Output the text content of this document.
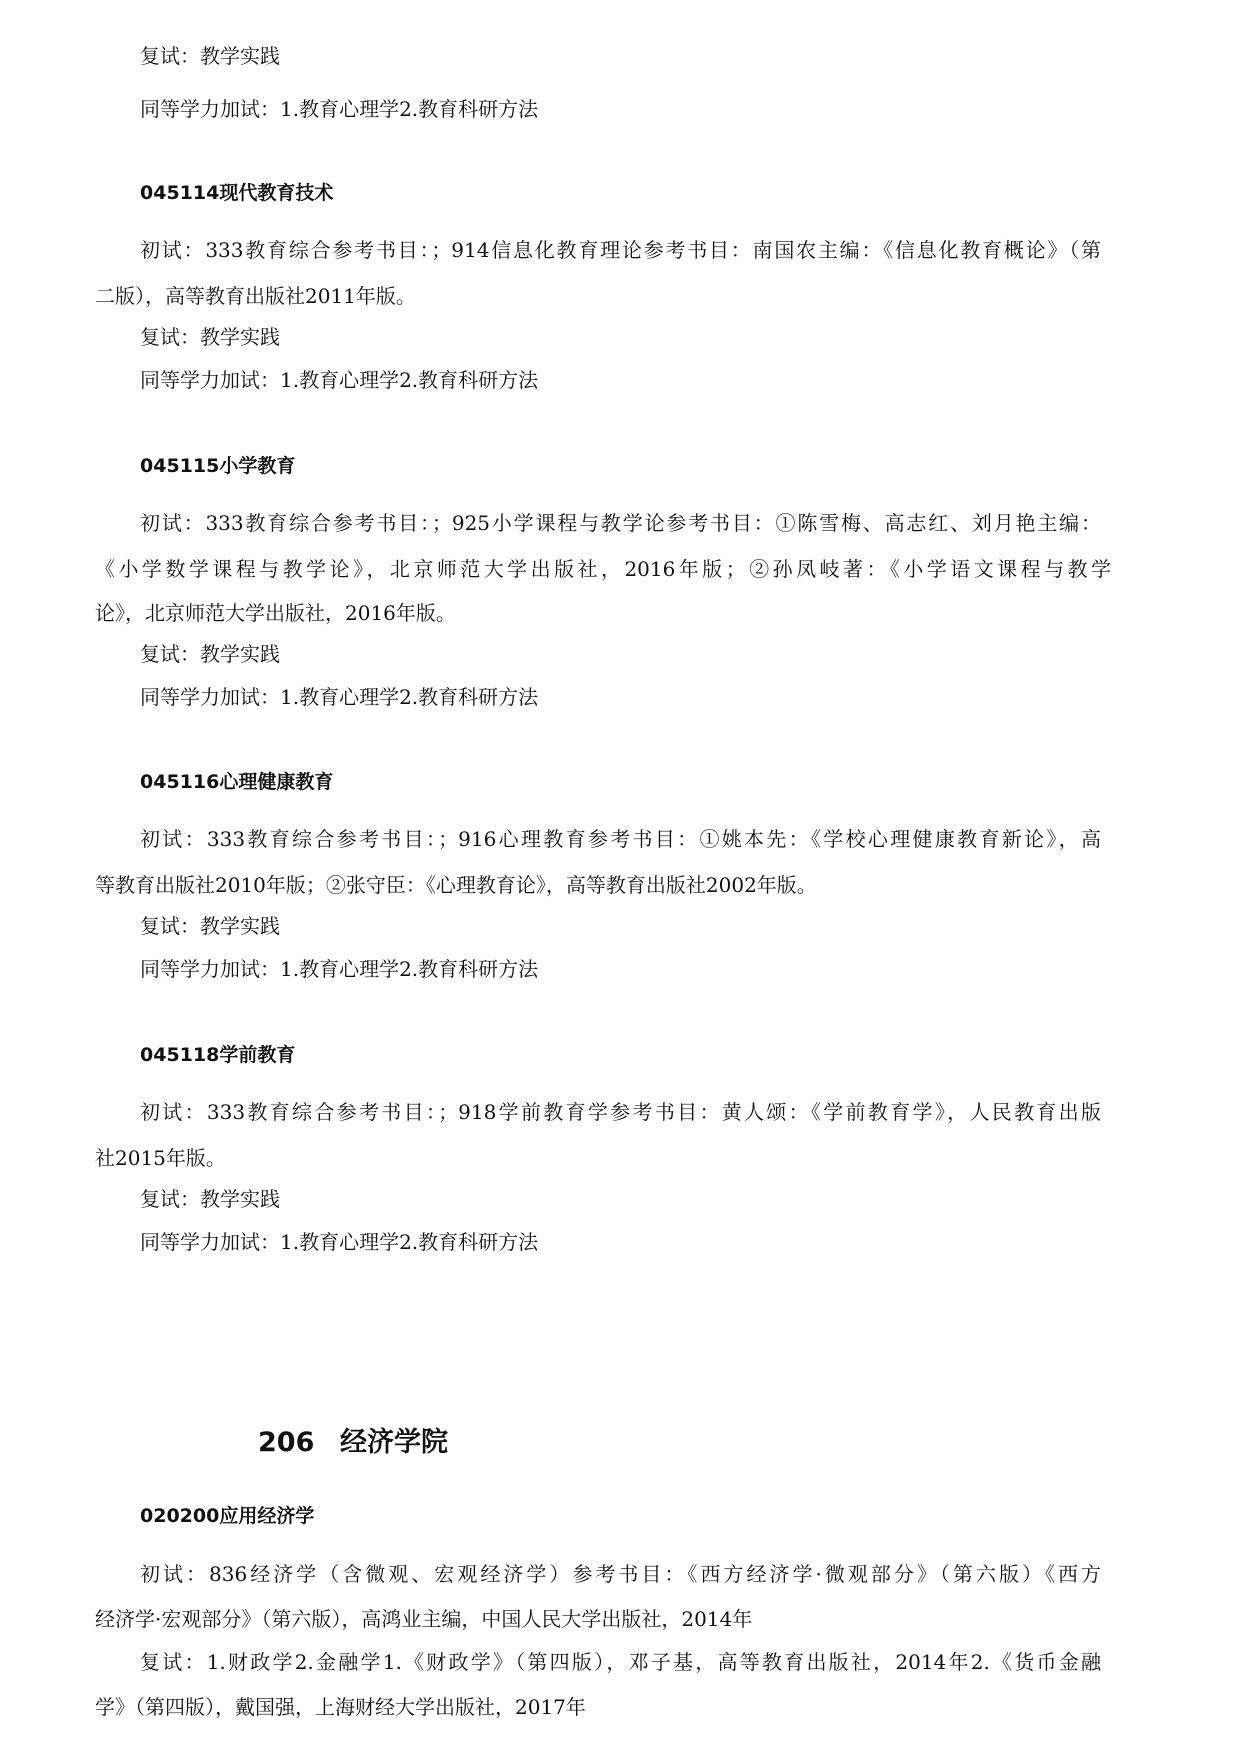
复试：教学实践
同等学力加试：1.教育心理学2.教育科研方法
045114现代教育技术
初试：333教育综合参考书目：；914信息化教育理论参考书目：南国农主编：《信息化教育概论》（第
二版），高等教育出版社2011年版。
复试：教学实践
同等学力加试：1.教育心理学2.教育科研方法
045115小学教育
初试：333教育综合参考书目：；925小学课程与教学论参考书目：①陈雪梅、高志红、刘月艳主编：
《小学数学课程与教学论》，北京师范大学出版社，2016年版；②孙凤岐著：《小学语文课程与教学
论》，北京师范大学出版社，2016年版。
复试：教学实践
同等学力加试：1.教育心理学2.教育科研方法
045116心理健康教育
初试：333教育综合参考书目：；916心理教育参考书目：①姚本先：《学校心理健康教育新论》，高
等教育出版社2010年版；②张守臣：《心理教育论》，高等教育出版社2002年版。
复试：教学实践
同等学力加试：1.教育心理学2.教育科研方法
045118学前教育
初试：333教育综合参考书目：；918学前教育学参考书目：黄人颂：《学前教育学》，人民教育出版
社2015年版。
复试：教学实践
同等学力加试：1.教育心理学2.教育科研方法
206 经济学院
020200应用经济学
初试：836经济学（含微观、宏观经济学）参考书目：《西方经济学·微观部分》（第六版）《西方
经济学·宏观部分》（第六版），高鸿业主编，中国人民大学出版社，2014年
复试：1.财政学2.金融学1.《财政学》（第四版），邓子基，高等教育出版社，2014年2.《货币金融
学》（第四版），戴国强，上海财经大学出版社，2017年
